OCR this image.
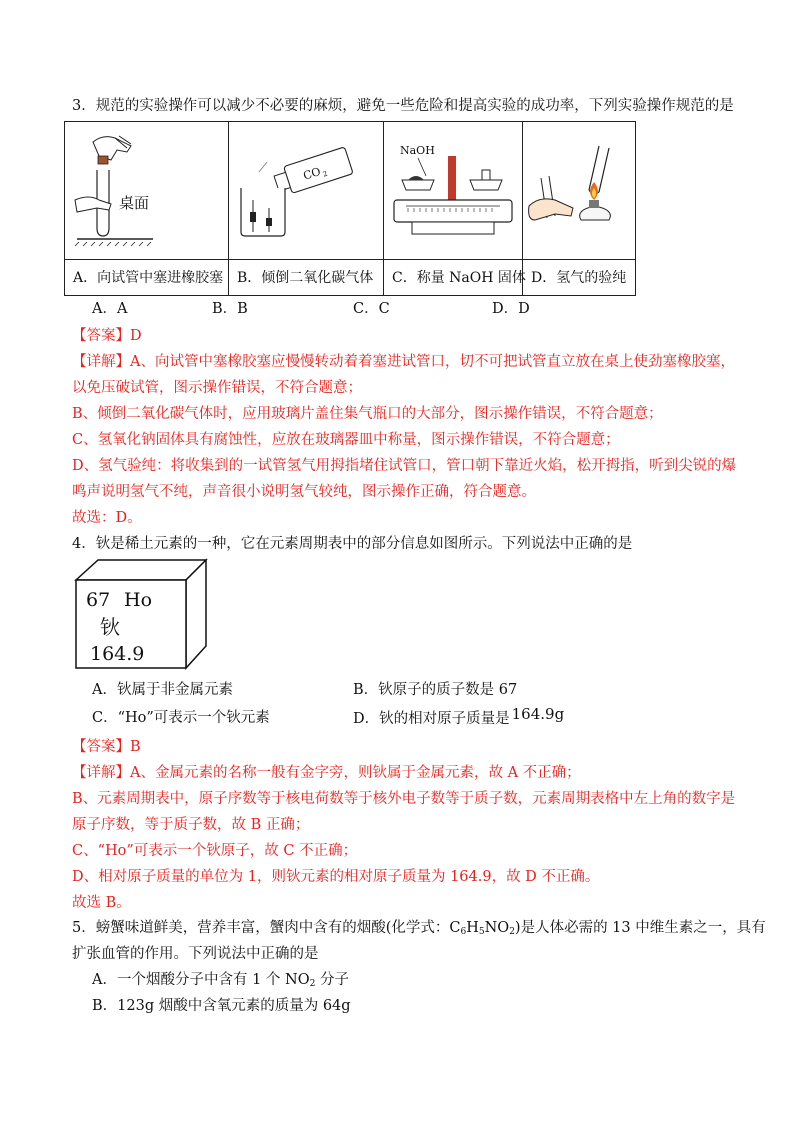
3．规范的实验操作可以减少不必要的麻烦，避免一些危险和提高实验的成功率，下列实验操作规范的是
桌面
A．向试管中塞进橡胶塞
CO 2
B．倾倒二氧化碳气体
NaOH
C．称量 NaOH 固体 D．氢气的验纯
A．A	B．B	C．C	D．D
【答案】D
【详解】A、向试管中塞橡胶塞应慢慢转动着着塞进试管口，切不可把试管直立放在桌上使劲塞橡胶塞，
以免压破试管，图示操作错误，不符合题意；
B、倾倒二氧化碳气体时，应用玻璃片盖住集气瓶口的大部分，图示操作错误，不符合题意；
C、氢氧化钠固体具有腐蚀性，应放在玻璃器皿中称量，图示操作错误，不符合题意；
D、氢气验纯：将收集到的一试管氢气用拇指堵住试管口，管口朝下靠近火焰，松开拇指，听到尖锐的爆
鸣声说明氢气不纯，声音很小说明氢气较纯，图示操作正确，符合题意。
故选：D。
4．钬是稀土元素的一种，它在元素周期表中的部分信息如图所示。下列说法中正确的是
67 Ho
钬
164.9
A．钬属于非金属元素	B．钬原子的质子数是 67
C．“Ho”可表示一个钬元素	D．钬的相对原子质量是 164.9g
【答案】B
【详解】A、金属元素的名称一般有金字旁，则钬属于金属元素，故 A 不正确；
B、元素周期表中，原子序数等于核电荷数等于核外电子数等于质子数，元素周期表格中左上角的数字是
原子序数，等于质子数，故 B 正确；
C、“Ho”可表示一个钬原子，故 C 不正确；
D、相对原子质量的单位为 1，则钬元素的相对原子质量为 164.9，故 D 不正确。
故选 B。
5．螃蟹味道鲜美，营养丰富，蟹肉中含有的烟酸(化学式：$C_6H_5NO_2$)是人体必需的 13 中维生素之一，具有
扩张血管的作用。下列说法中正确的是
A．一个烟酸分子中含有 1 个 $NO_2$ 分子
B．123g 烟酸中含氧元素的质量为 64g
